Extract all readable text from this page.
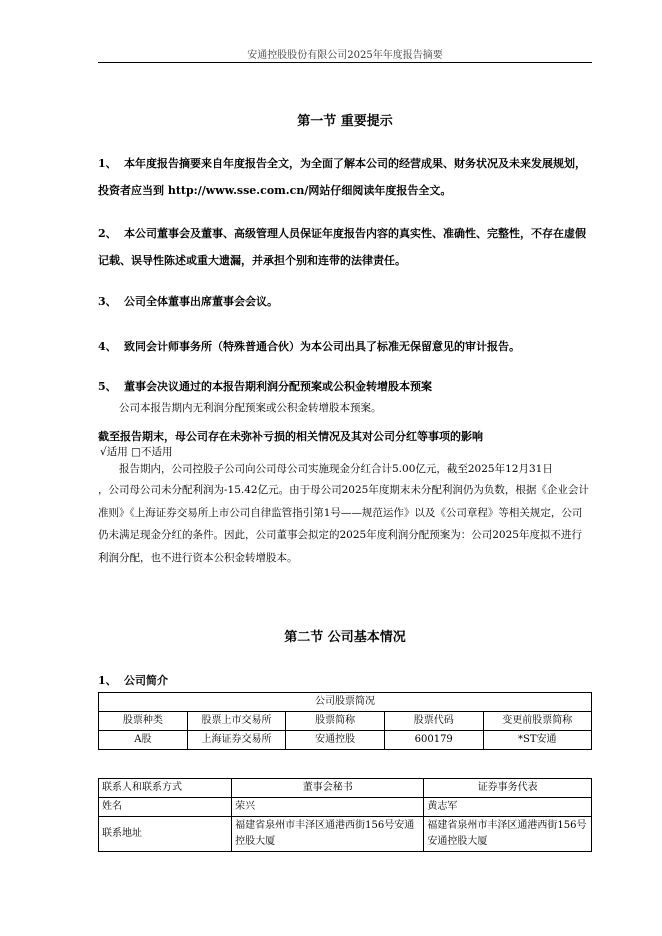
安通控股股份有限公司2025年年度报告摘要
第一节 重要提示
1、 本年度报告摘要来自年度报告全文，为全面了解本公司的经营成果、财务状况及未来发展规划，投资者应当到 http://www.sse.com.cn/网站仔细阅读年度报告全文。
2、 本公司董事会及董事、高级管理人员保证年度报告内容的真实性、准确性、完整性，不存在虚假记载、误导性陈述或重大遗漏，并承担个别和连带的法律责任。
3、 公司全体董事出席董事会会议。
4、 致同会计师事务所（特殊普通合伙）为本公司出具了标准无保留意见的审计报告。
5、 董事会决议通过的本报告期利润分配预案或公积金转增股本预案
公司本报告期内无利润分配预案或公积金转增股本预案。
截至报告期末，母公司存在未弥补亏损的相关情况及其对公司分红等事项的影响
√适用 □不适用
报告期内，公司控股子公司向公司母公司实施现金分红合计5.00亿元，截至2025年12月31日
，公司母公司未分配利润为-15.42亿元。由于母公司2025年度期末未分配利润仍为负数，根据《企业会计准则》《上海证券交易所上市公司自律监管指引第1号——规范运作》以及《公司章程》等相关规定，公司仍未满足现金分红的条件。因此，公司董事会拟定的2025年度利润分配预案为：公司2025年度拟不进行利润分配，也不进行资本公积金转增股本。
第二节 公司基本情况
1、 公司简介
公司股票简况				
股票种类	股票上市交易所	股票简称	股票代码	变更前股票简称
A股	上海证券交易所	安通控股	600179	*ST安通
联系人和联系方式	董事会秘书	证券事务代表
姓名	荣兴	黄志军
联系地址	福建省泉州市丰泽区通港西街156号安通控股大厦	福建省泉州市丰泽区通港西街156号安通控股大厦
